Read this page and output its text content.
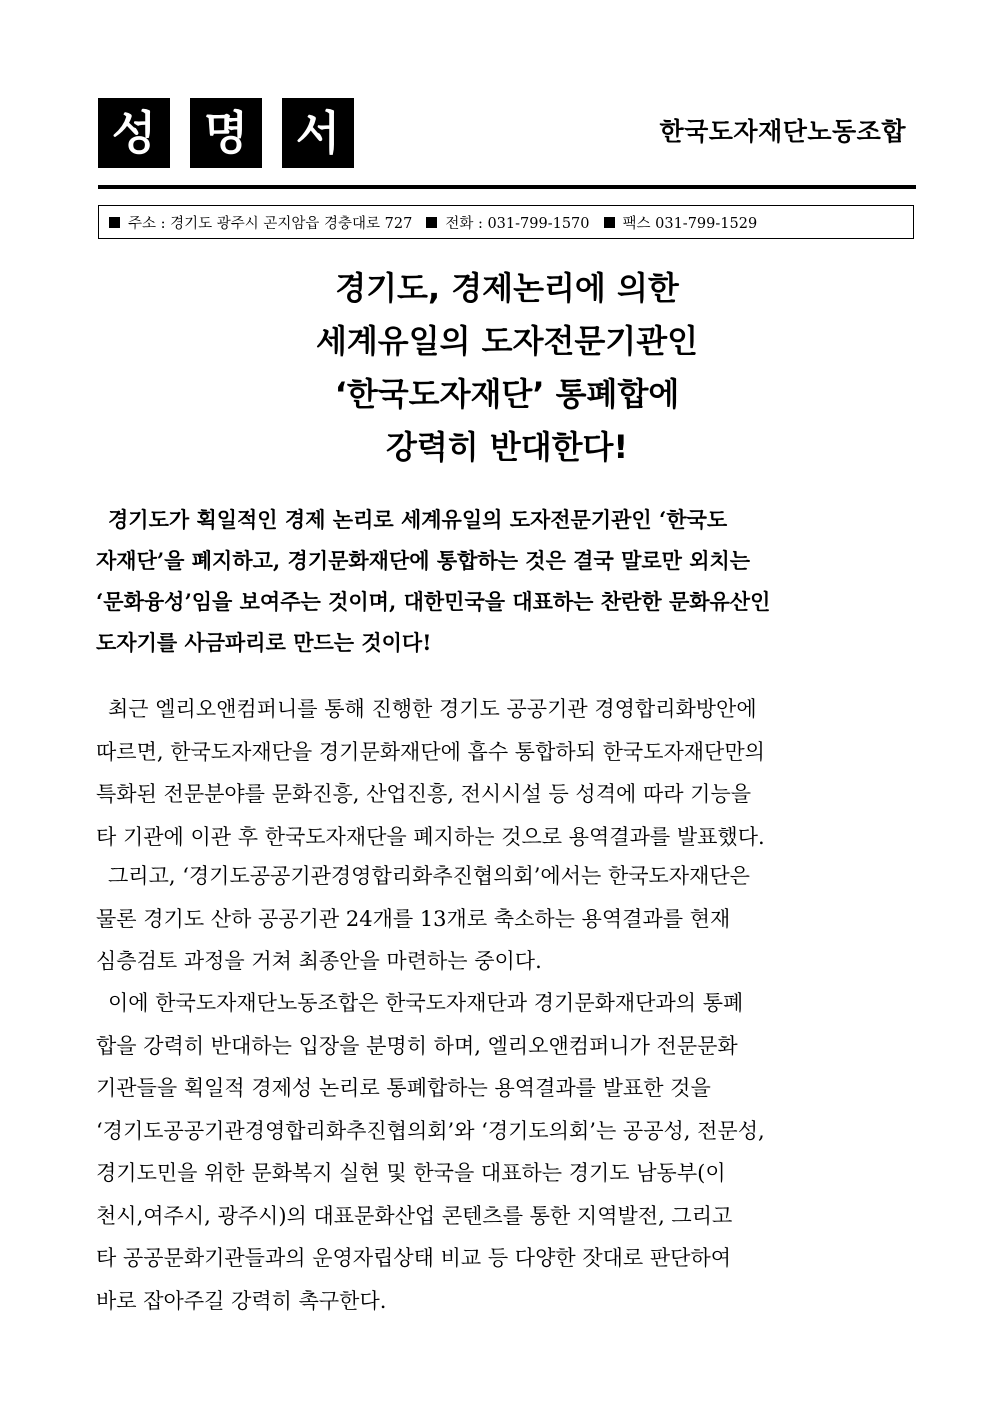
성 명 서	한국도자재단노동조합
주소 : 경기도 광주시 곤지암읍 경충대로 727 전화 : 031-799-1570 팩스 031-799-1529
경기도, 경제논리에 의한
세계유일의 도자전문기관인
‘한국도자재단’ 통폐합에
강력히 반대한다!
경기도가 획일적인 경제 논리로 세계유일의 도자전문기관인 ‘한국도
자재단’을 폐지하고, 경기문화재단에 통합하는 것은 결국 말로만 외치는
‘문화융성’임을 보여주는 것이며, 대한민국을 대표하는 찬란한 문화유산인
도자기를 사금파리로 만드는 것이다!
최근 엘리오앤컴퍼니를 통해 진행한 경기도 공공기관 경영합리화방안에
따르면, 한국도자재단을 경기문화재단에 흡수 통합하되 한국도자재단만의
특화된 전문분야를 문화진흥, 산업진흥, 전시시설 등 성격에 따라 기능을
타 기관에 이관 후 한국도자재단을 폐지하는 것으로 용역결과를 발표했다.
그리고, ‘경기도공공기관경영합리화추진협의회’에서는 한국도자재단은
물론 경기도 산하 공공기관 24개를 13개로 축소하는 용역결과를 현재
심층검토 과정을 거쳐 최종안을 마련하는 중이다.
이에 한국도자재단노동조합은 한국도자재단과 경기문화재단과의 통폐
합을 강력히 반대하는 입장을 분명히 하며, 엘리오앤컴퍼니가 전문문화
기관들을 획일적 경제성 논리로 통폐합하는 용역결과를 발표한 것을
‘경기도공공기관경영합리화추진협의회’와 ‘경기도의회’는 공공성, 전문성,
경기도민을 위한 문화복지 실현 및 한국을 대표하는 경기도 남동부(이
천시,여주시, 광주시)의 대표문화산업 콘텐츠를 통한 지역발전, 그리고
타 공공문화기관들과의 운영자립상태 비교 등 다양한 잣대로 판단하여
바로 잡아주길 강력히 촉구한다.
